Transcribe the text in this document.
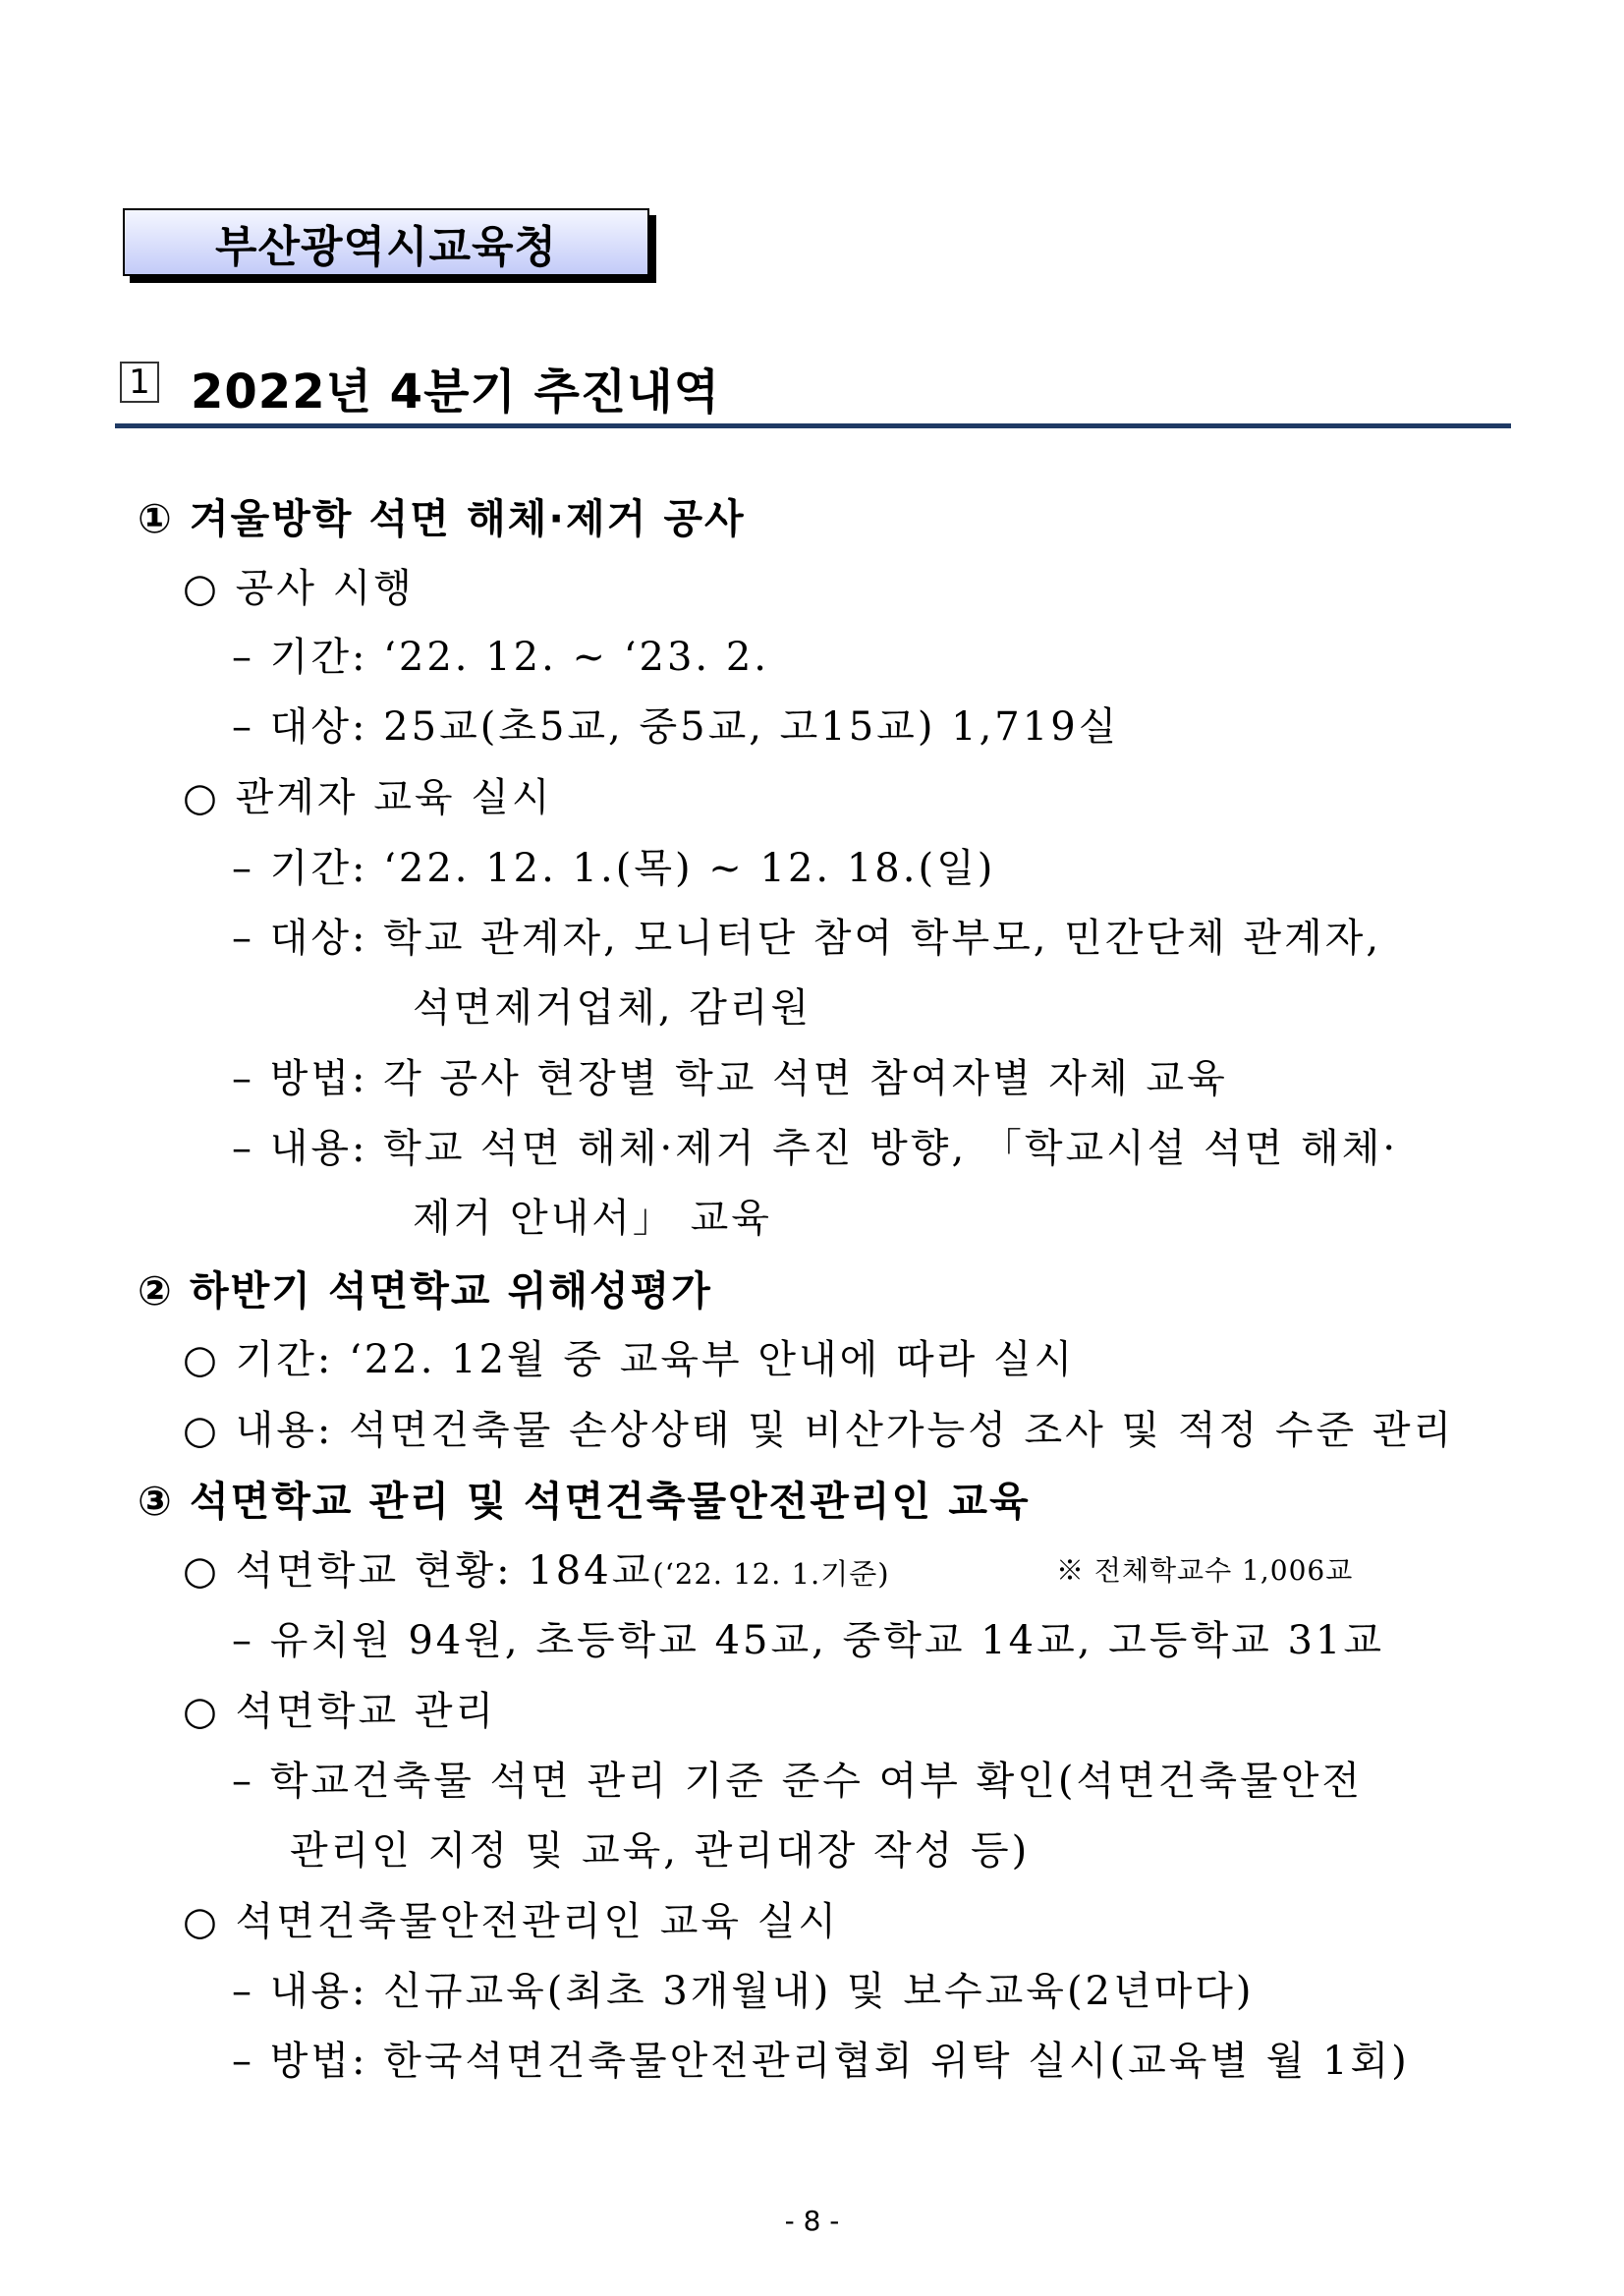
부산광역시교육청
1 2022년 4분기 추진내역
① 겨울방학 석면 해체·제거 공사
○ 공사 시행
– 기간: ‘22. 12. ~ ‘23. 2.
– 대상: 25교(초5교, 중5교, 고15교) 1,719실
○ 관계자 교육 실시
– 기간: ‘22. 12. 1.(목) ~ 12. 18.(일)
– 대상: 학교 관계자, 모니터단 참여 학부모, 민간단체 관계자,
석면제거업체, 감리원
– 방법: 각 공사 현장별 학교 석면 참여자별 자체 교육
– 내용: 학교 석면 해체·제거 추진 방향, 「학교시설 석면 해체·
제거 안내서」 교육
② 하반기 석면학교 위해성평가
○ 기간: ‘22. 12월 중 교육부 안내에 따라 실시
○ 내용: 석면건축물 손상상태 및 비산가능성 조사 및 적정 수준 관리
③ 석면학교 관리 및 석면건축물안전관리인 교육
○ 석면학교 현황: 184교(‘22. 12. 1.기준)	※ 전체학교수 1,006교
– 유치원 94원, 초등학교 45교, 중학교 14교, 고등학교 31교
○ 석면학교 관리
– 학교건축물 석면 관리 기준 준수 여부 확인(석면건축물안전
관리인 지정 및 교육, 관리대장 작성 등)
○ 석면건축물안전관리인 교육 실시
– 내용: 신규교육(최초 3개월내) 및 보수교육(2년마다)
– 방법: 한국석면건축물안전관리협회 위탁 실시(교육별 월 1회)
- 8 -
